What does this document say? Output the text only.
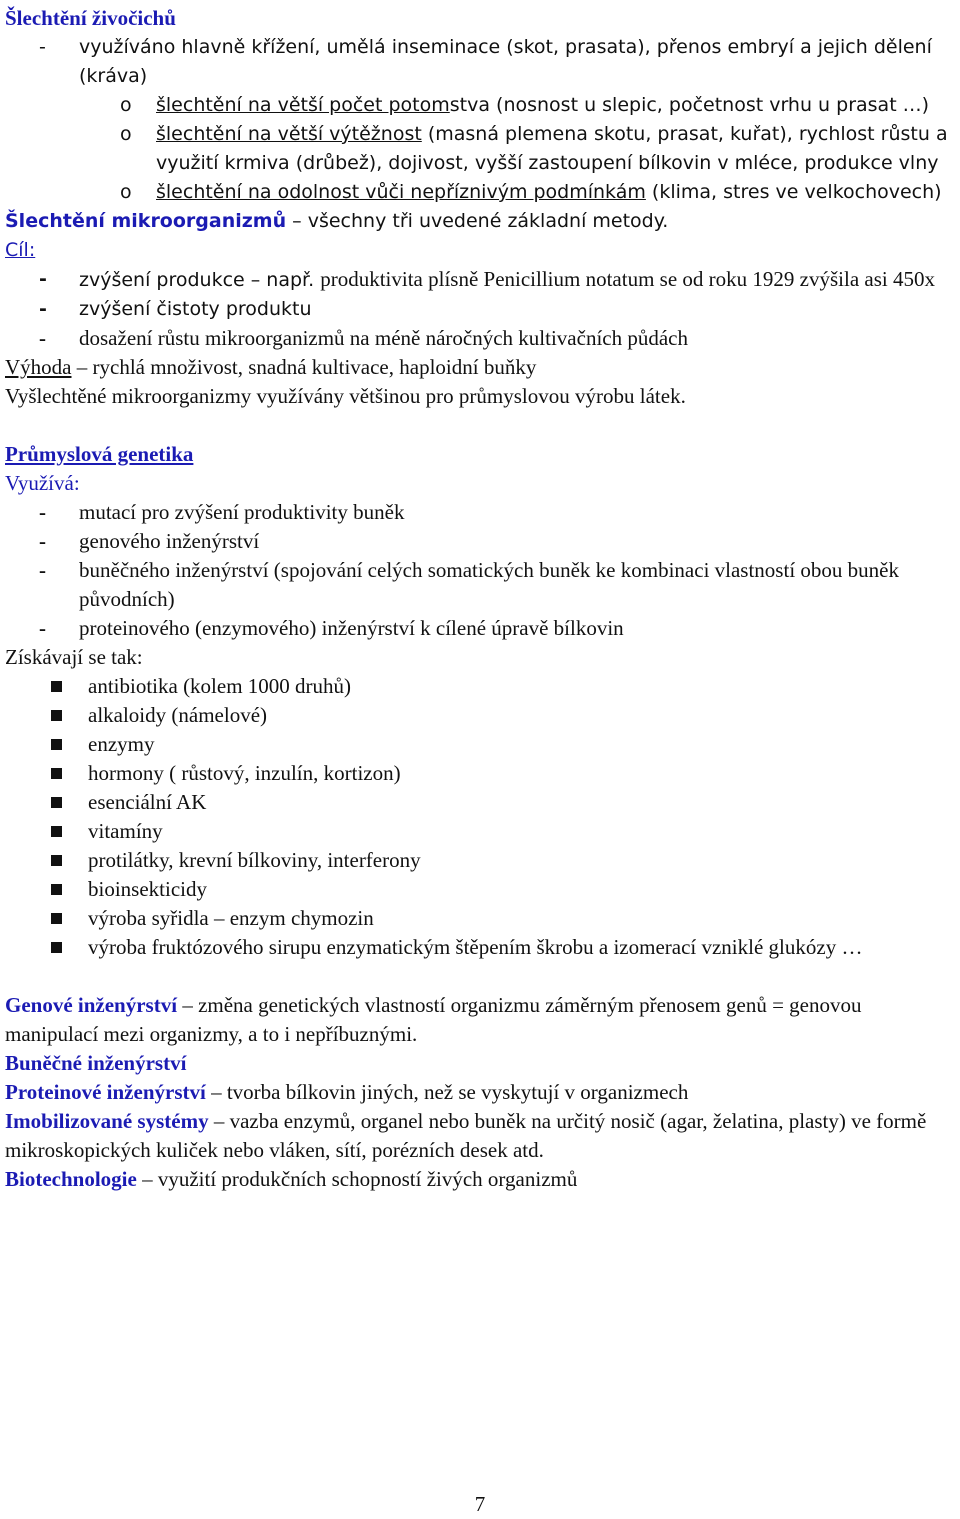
Šlechtění živočichů

-	využíváno hlavně křížení, umělá inseminace (skot, prasata), přenos embryí a jejich dělení (kráva)
o	šlechtění na větší počet potomstva (nosnost u slepic, početnost vrhu u prasat …)
o	šlechtění na větší výtěžnost (masná plemena skotu, prasat, kuřat), rychlost růstu a využití krmiva (drůbež), dojivost, vyšší zastoupení bílkovin v mléce, produkce vlny
o	šlechtění na odolnost vůči nepříznivým podmínkám (klima, stres ve velkochovech)

Šlechtění mikroorganizmů – všechny tři uvedené základní metody.

Cíl:

-	zvýšení produkce – např. produktivita plísně Penicillium notatum se od roku 1929 zvýšila asi 450x
-	zvýšení čistoty produktu
-	dosažení růstu mikroorganizmů na méně náročných kultivačních půdách

Výhoda – rychlá množivost, snadná kultivace, haploidní buňky

Vyšlechtěné mikroorganizmy využívány většinou pro průmyslovou výrobu látek.

Průmyslová genetika

Využívá:

-	mutací pro zvýšení produktivity buněk
-	genového inženýrství
-	buněčného inženýrství (spojování celých somatických buněk ke kombinaci vlastností obou buněk původních)
-	proteinového (enzymového) inženýrství k cílené úpravě bílkovin

Získávají se tak:

antibiotika (kolem 1000 druhů)
alkaloidy (námelové)
enzymy
hormony ( růstový, inzulín, kortizon)
esenciální AK
vitamíny
protilátky, krevní bílkoviny, interferony
bioinsekticidy
výroba syřidla – enzym chymozin
výroba fruktózového sirupu enzymatickým štěpením škrobu a izomerací vzniklé glukózy …

Genové inženýrství – změna genetických vlastností organizmu záměrným přenosem genů = genovou manipulací mezi organizmy, a to i nepříbuznými.

Buněčné inženýrství

Proteinové inženýrství – tvorba bílkovin jiných, než se vyskytují v organizmech

Imobilizované systémy – vazba enzymů, organel nebo buněk na určitý nosič (agar, želatina, plasty) ve formě mikroskopických kuliček nebo vláken, sítí, porézních desek atd.

Biotechnologie – využití produkčních schopností živých organizmů

7
